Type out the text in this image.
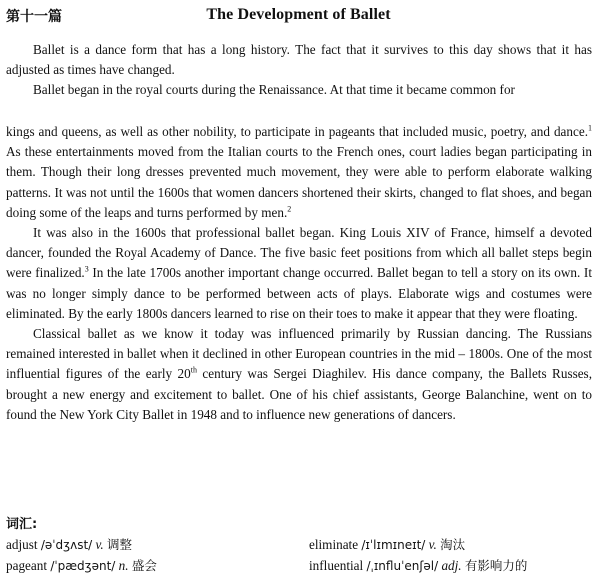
第十一篇	The Development of Ballet

Ballet is a dance form that has a long history. The fact that it survives to this day shows that it has adjusted as times have changed.

Ballet began in the royal courts during the Renaissance. At that time it became common for

kings and queens, as well as other nobility, to participate in pageants that included music, poetry, and dance.$^1$ As these entertainments moved from the Italian courts to the French ones, court ladies began participating in them. Though their long dresses prevented much movement, they were able to perform elaborate walking patterns. It was not until the 1600s that women dancers shortened their skirts, changed to flat shoes, and began doing some of the leaps and turns performed by men.$^2$

It was also in the 1600s that professional ballet began. King Louis XIV of France, himself a devoted dancer, founded the Royal Academy of Dance. The five basic feet positions from which all ballet steps begin were finalized.$^3$ In the late 1700s another important change occurred. Ballet began to tell a story on its own. It was no longer simply dance to be performed between acts of plays. Elaborate wigs and costumes were eliminated. By the early 1800s dancers learned to rise on their toes to make it appear that they were floating.

Classical ballet as we know it today was influenced primarily by Russian dancing. The Russians remained interested in ballet when it declined in other European countries in the mid – 1800s. One of the most influential figures of the early 20th century was Sergei Diaghilev. His dance company, the Ballets Russes, brought a new energy and excitement to ballet. One of his chief assistants, George Balanchine, went on to found the New York City Ballet in 1948 and to influence new generations of dancers.

词汇:
adjust /əˈdʒʌst/ v. 调整	eliminate /ɪˈlɪmɪneɪt/ v. 淘汰
pageant /ˈpædʒənt/ n. 盛会	influential /ˌɪnfluˈenʃəl/ adj. 有影响力的
